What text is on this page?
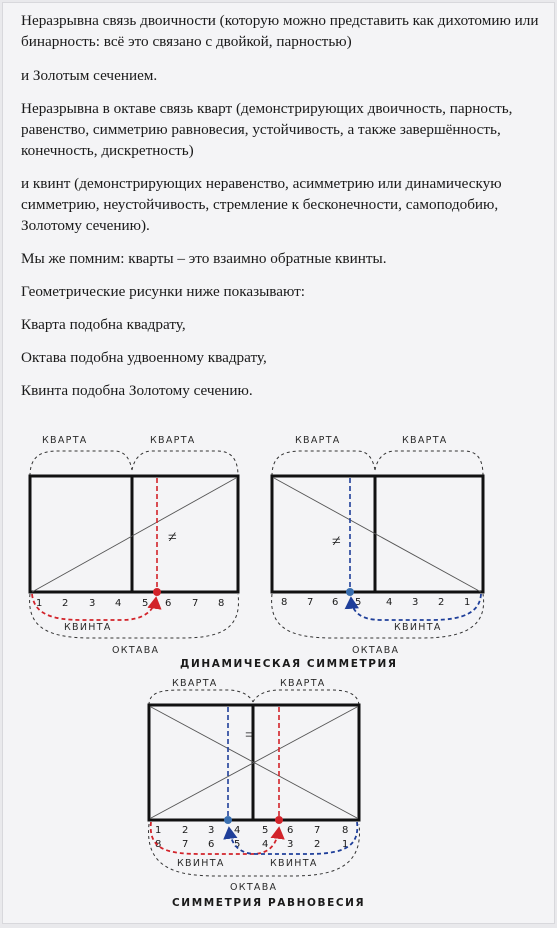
Неразрывна связь двоичности (которую можно представить как дихотомию или бинарность: всё это связано с двойкой, парностью)

и Золотым сечением.

Неразрывна в октаве связь кварт (демонстрирующих двоичность, парность, равенство, симметрию равновесия, устойчивость, а также завершённость, конечность, дискретность)

и квинт (демонстрирующих неравенство, асимметрию или динамическую симметрию, неустойчивость, стремление к бесконечности, самоподобию, Золотому сечению).

Мы же помним: кварты – это взаимно обратные квинты.

Геометрические рисунки ниже показывают:

Кварта подобна квадрату,

Октава подобна удвоенному квадрату,

Квинта подобна Золотому сечению.

КВАРТА	КВАРТА
≠
1 2 3 4 5 6 7 8
КВИНТА
ОКТАВА
КВАРТА	КВАРТА
≠
8 7 6 5 4 3 2 1
КВИНТА
ОКТАВА
ДИНАМИЧЕСКАЯ СИММЕТРИЯ
КВАРТА	КВАРТА
=
1 2 3 4 5 6 7 8
8 7 6 5 4 3 2 1
КВИНТА	КВИНТА
ОКТАВА
СИММЕТРИЯ РАВНОВЕСИЯ
